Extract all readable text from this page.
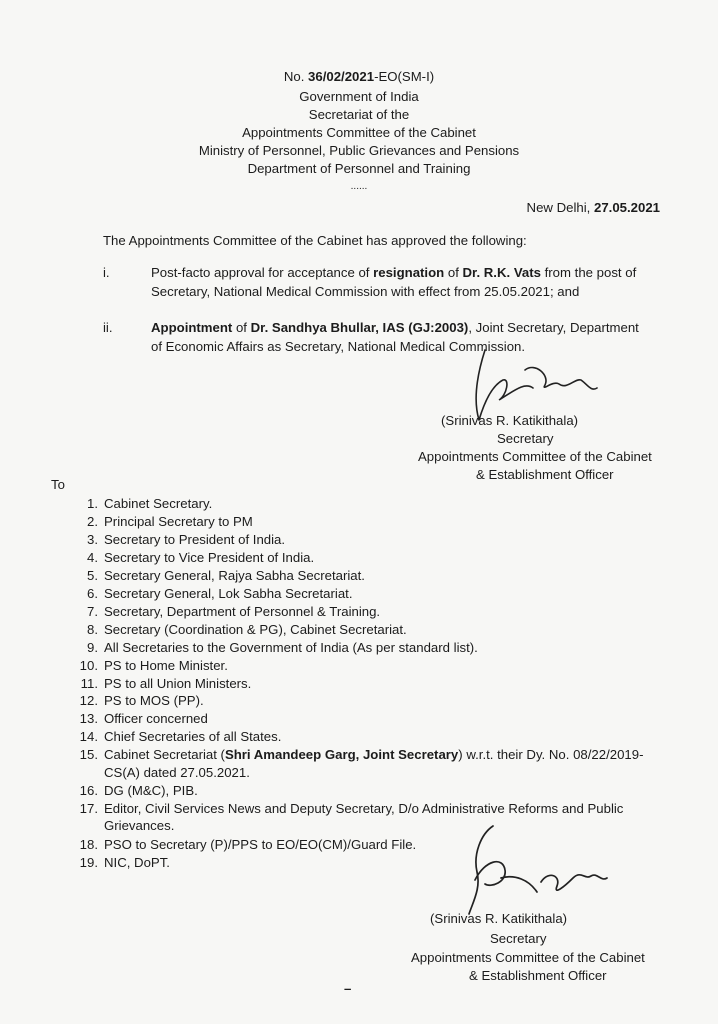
No. 36/02/2021-EO(SM-I)
Government of India
Secretariat of the
Appointments Committee of the Cabinet
Ministry of Personnel, Public Grievances and Pensions
Department of Personnel and Training
......
New Delhi, 27.05.2021
The Appointments Committee of the Cabinet has approved the following:
i.	Post-facto approval for acceptance of resignation of Dr. R.K. Vats from the post of
Secretary, National Medical Commission with effect from 25.05.2021; and
ii.	Appointment of Dr. Sandhya Bhullar, IAS (GJ:2003), Joint Secretary, Department
of Economic Affairs as Secretary, National Medical Commission.
(Srinivas R. Katikithala)
Secretary
Appointments Committee of the Cabinet
& Establishment Officer
To
1. Cabinet Secretary.
2. Principal Secretary to PM
3. Secretary to President of India.
4. Secretary to Vice President of India.
5. Secretary General, Rajya Sabha Secretariat.
6. Secretary General, Lok Sabha Secretariat.
7. Secretary, Department of Personnel & Training.
8. Secretary (Coordination & PG), Cabinet Secretariat.
9. All Secretaries to the Government of India (As per standard list).
10. PS to Home Minister.
11. PS to all Union Ministers.
12. PS to MOS (PP).
13. Officer concerned
14. Chief Secretaries of all States.
15. Cabinet Secretariat (Shri Amandeep Garg, Joint Secretary) w.r.t. their Dy. No. 08/22/2019-
CS(A) dated 27.05.2021.
16. DG (M&C), PIB.
17. Editor, Civil Services News and Deputy Secretary, D/o Administrative Reforms and Public
Grievances.
18. PSO to Secretary (P)/PPS to EO/EO(CM)/Guard File.
19. NIC, DoPT.
(Srinivas R. Katikithala)
Secretary
Appointments Committee of the Cabinet
& Establishment Officer
–
